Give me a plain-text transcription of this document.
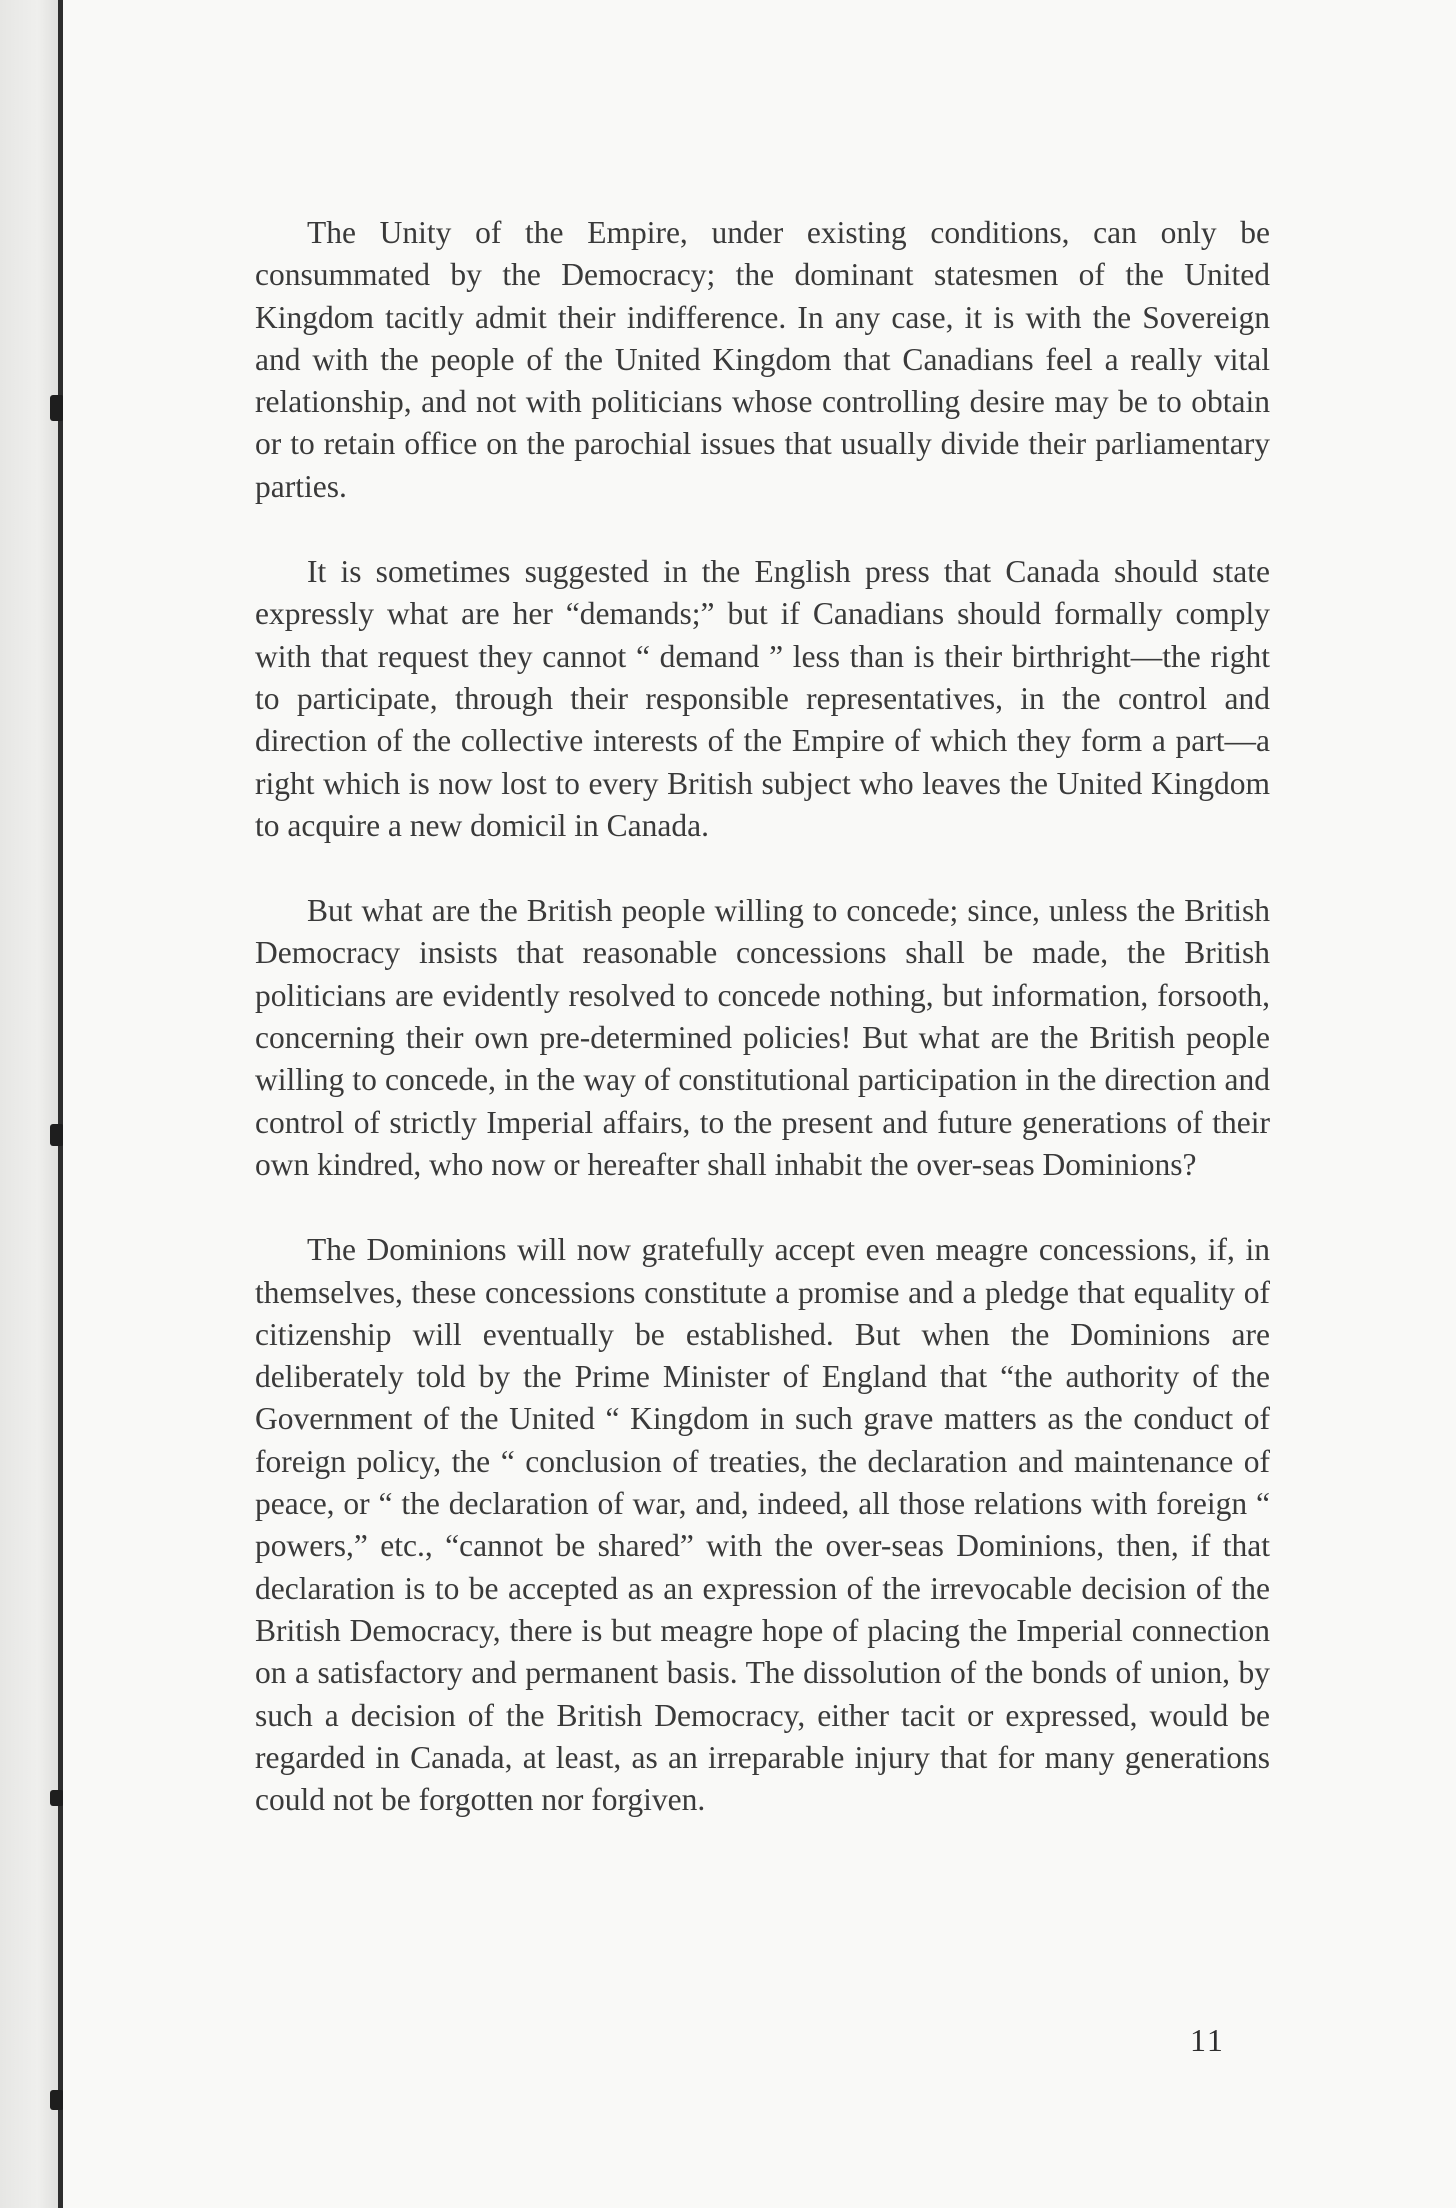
The Unity of the Empire, under existing conditions, can only be consummated by the Democracy; the dominant statesmen of the United Kingdom tacitly admit their indifference. In any case, it is with the Sovereign and with the people of the United Kingdom that Canadians feel a really vital relationship, and not with politicians whose controlling desire may be to obtain or to retain office on the parochial issues that usually divide their parliamentary parties.

It is sometimes suggested in the English press that Canada should state expressly what are her “demands;” but if Canadians should formally comply with that request they cannot “ demand ” less than is their birthright—the right to participate, through their responsible representatives, in the control and direction of the collective interests of the Empire of which they form a part—a right which is now lost to every British subject who leaves the United Kingdom to acquire a new domicil in Canada.

But what are the British people willing to concede; since, unless the British Democracy insists that reasonable concessions shall be made, the British politicians are evidently resolved to concede nothing, but information, forsooth, concerning their own pre-determined policies! But what are the British people willing to concede, in the way of constitutional participation in the direction and control of strictly Imperial affairs, to the present and future generations of their own kindred, who now or hereafter shall inhabit the over-seas Dominions?

The Dominions will now gratefully accept even meagre concessions, if, in themselves, these concessions constitute a promise and a pledge that equality of citizenship will eventually be established. But when the Dominions are deliberately told by the Prime Minister of England that “the authority of the Government of the United “ Kingdom in such grave matters as the conduct of foreign policy, the “ conclusion of treaties, the declaration and maintenance of peace, or “ the declaration of war, and, indeed, all those relations with foreign “ powers,” etc., “cannot be shared” with the over-seas Dominions, then, if that declaration is to be accepted as an expression of the irrevocable decision of the British Democracy, there is but meagre hope of placing the Imperial connection on a satisfactory and permanent basis. The dissolution of the bonds of union, by such a decision of the British Democracy, either tacit or expressed, would be regarded in Canada, at least, as an irreparable injury that for many generations could not be forgotten nor forgiven.

11
